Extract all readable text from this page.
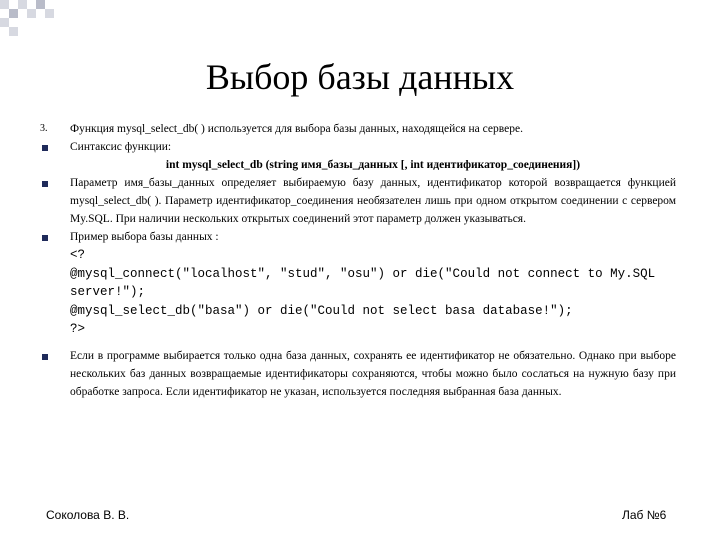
Выбор базы данных
3. Функция mysql_select_db( ) используется для выбора базы данных, находящейся на сервере.
Синтаксис функции:
int mysql_select_db (string имя_базы_данных [, int идентификатор_соединения])
Параметр имя_базы_данных определяет выбираемую базу данных, идентификатор которой возвращается функцией mysql_select_db( ). Параметр идентификатор_соединения необязателен лишь при одном открытом соединении с сервером My.SQL. При наличии нескольких открытых соединений этот параметр должен указываться.
Пример выбора базы данных :
<?
@mysql_connect("localhost", "stud", "osu") or die("Could not connect to My.SQL server!");
@mysql_select_db("basa") or die("Could not select basa database!");
?>
Если в программе выбирается только одна база данных, сохранять ее идентификатор не обязательно. Однако при выборе нескольких баз данных возвращаемые идентификаторы сохраняются, чтобы можно было сослаться на нужную базу при обработке запроса. Если идентификатор не указан, используется последняя выбранная база данных.
Соколова В. В.	Лаб №6
